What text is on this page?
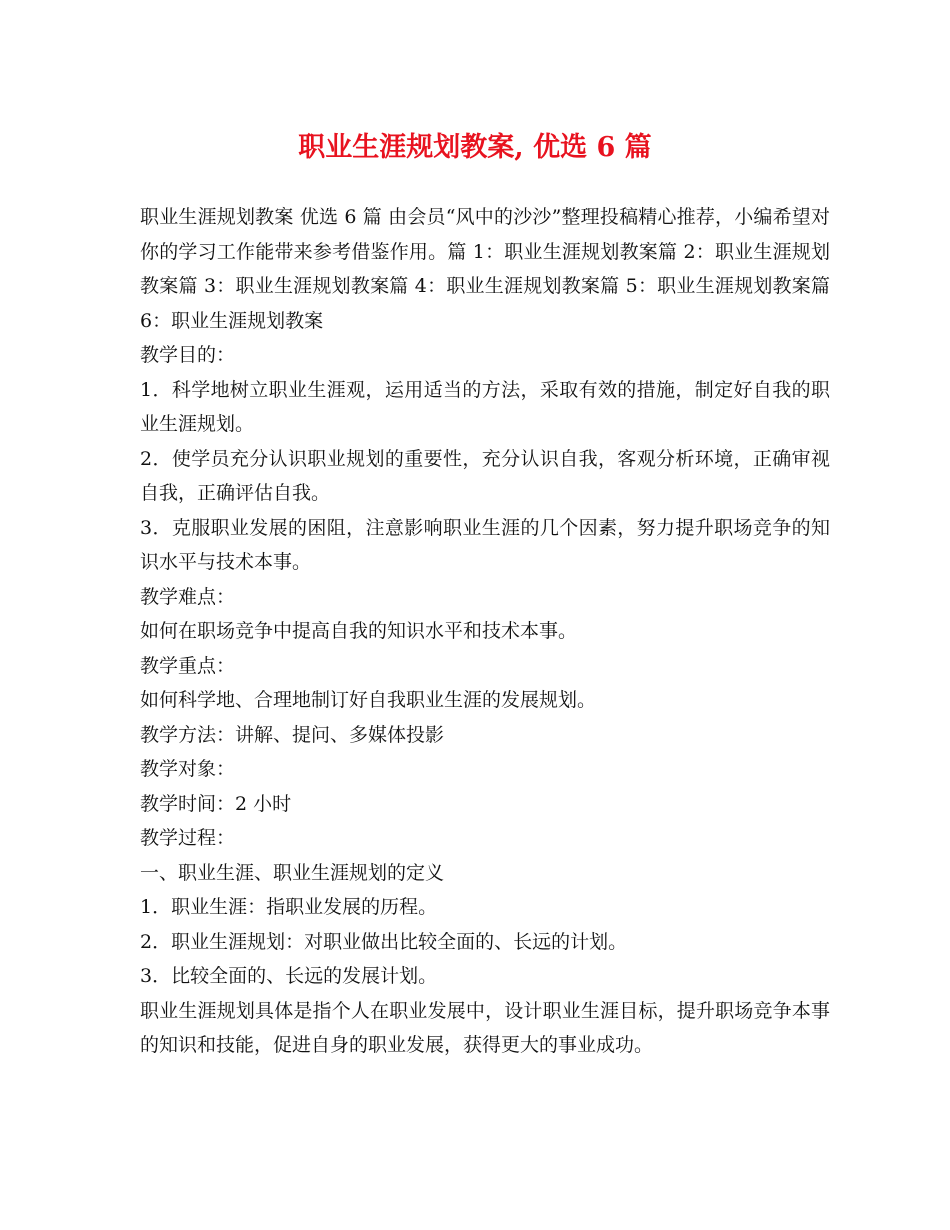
职业生涯规划教案, 优选 6 篇

职业生涯规划教案 优选 6 篇 由会员“风中的沙沙”整理投稿精心推荐，小编希望对你的学习工作能带来参考借鉴作用。篇 1：职业生涯规划教案篇 2：职业生涯规划教案篇 3：职业生涯规划教案篇 4：职业生涯规划教案篇 5：职业生涯规划教案篇 6：职业生涯规划教案

教学目的：

1．科学地树立职业生涯观，运用适当的方法，采取有效的措施，制定好自我的职业生涯规划。

2．使学员充分认识职业规划的重要性，充分认识自我，客观分析环境，正确审视自我，正确评估自我。

3．克服职业发展的困阻，注意影响职业生涯的几个因素，努力提升职场竞争的知识水平与技术本事。

教学难点：

如何在职场竞争中提高自我的知识水平和技术本事。

教学重点：

如何科学地、合理地制订好自我职业生涯的发展规划。

教学方法：讲解、提问、多媒体投影

教学对象：

教学时间：2 小时

教学过程：

一、职业生涯、职业生涯规划的定义

1．职业生涯：指职业发展的历程。

2．职业生涯规划：对职业做出比较全面的、长远的计划。

3．比较全面的、长远的发展计划。

职业生涯规划具体是指个人在职业发展中，设计职业生涯目标，提升职场竞争本事的知识和技能，促进自身的职业发展，获得更大的事业成功。
